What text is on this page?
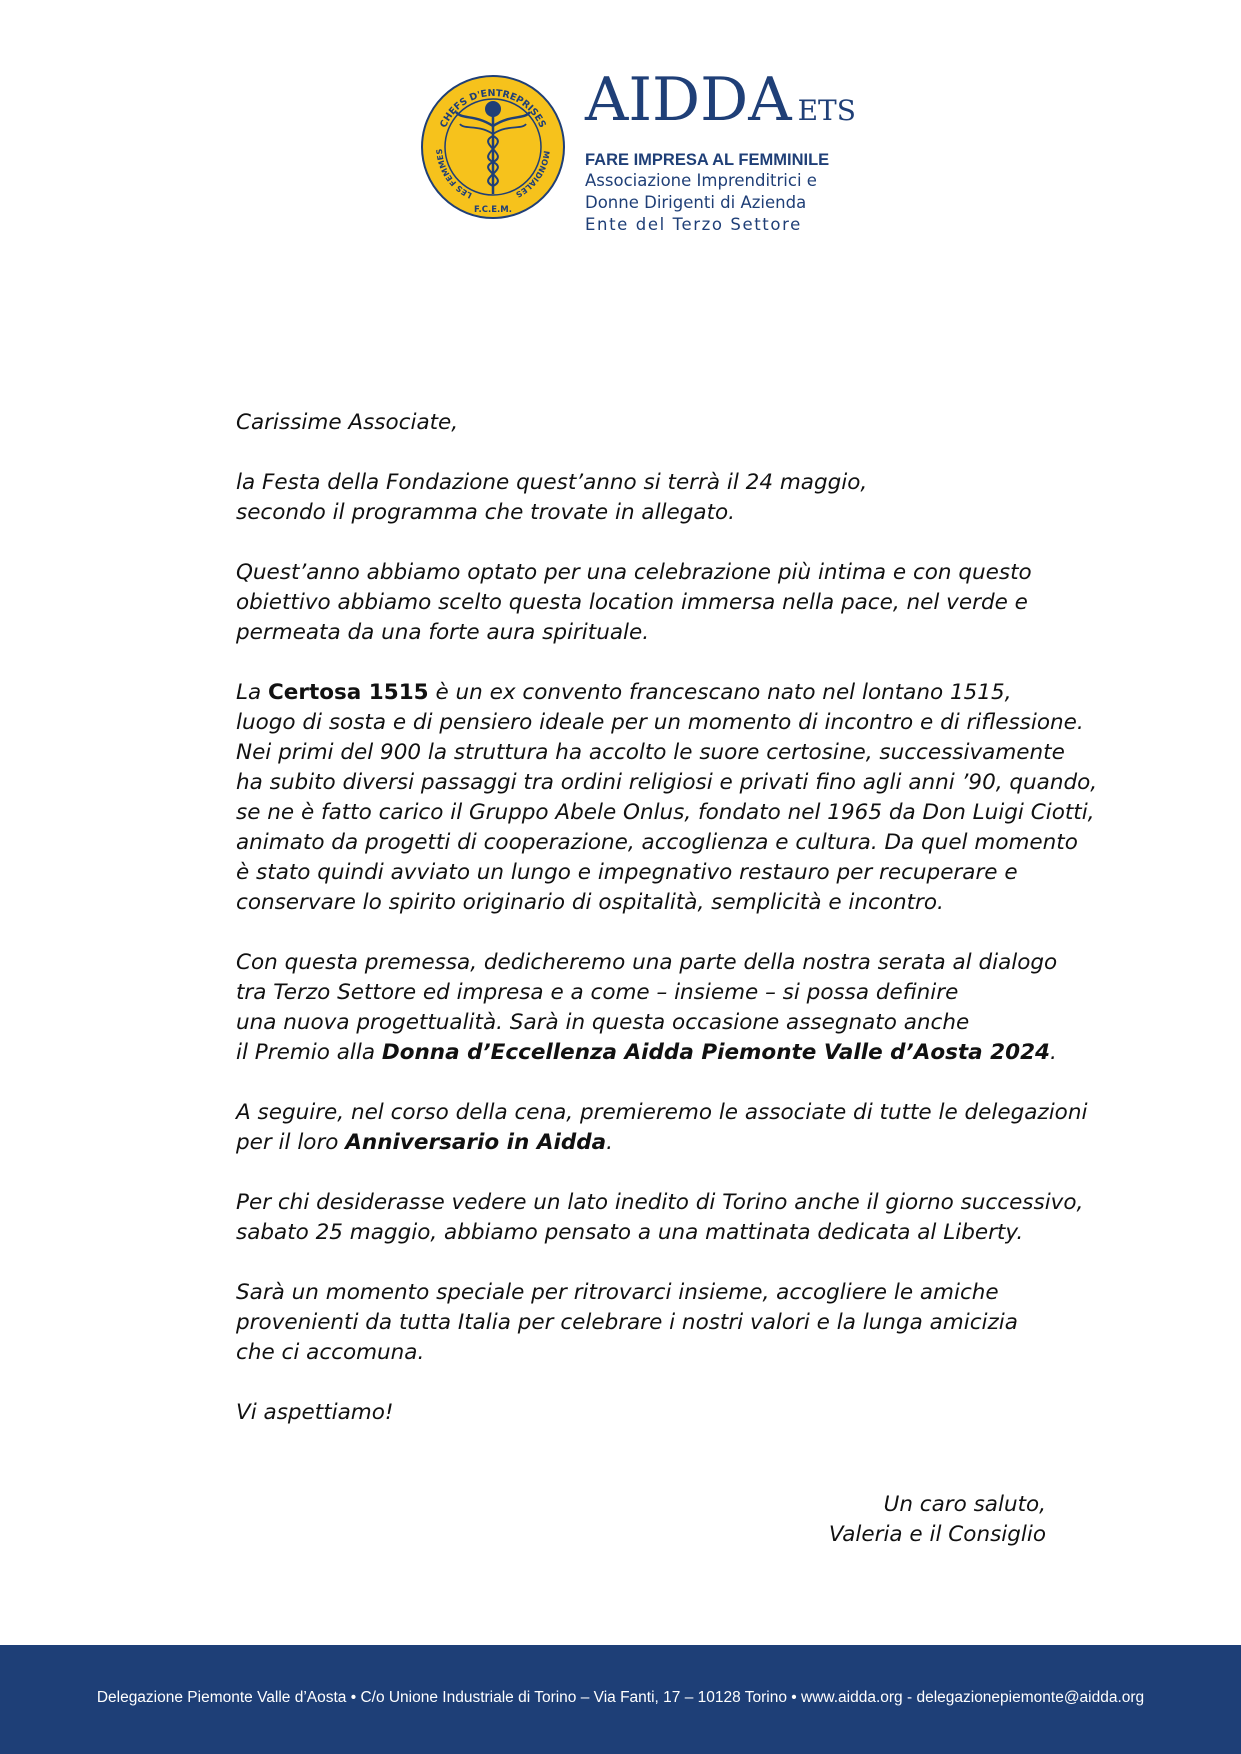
CHEFS D'ENTREPRISES
LES FEMMES	MONDIALES
F.C.E.M.
AIDDA ETS
FARE IMPRESA AL FEMMINILE
Associazione Imprenditrici e
Donne Dirigenti di Azienda
Ente del Terzo Settore

Carissime Associate,

la Festa della Fondazione quest’anno si terrà il 24 maggio,
secondo il programma che trovate in allegato.

Quest’anno abbiamo optato per una celebrazione più intima e con questo
obiettivo abbiamo scelto questa location immersa nella pace, nel verde e
permeata da una forte aura spirituale.

La Certosa 1515 è un ex convento francescano nato nel lontano 1515,
luogo di sosta e di pensiero ideale per un momento di incontro e di riflessione.
Nei primi del 900 la struttura ha accolto le suore certosine, successivamente
ha subito diversi passaggi tra ordini religiosi e privati fino agli anni ’90, quando,
se ne è fatto carico il Gruppo Abele Onlus, fondato nel 1965 da Don Luigi Ciotti,
animato da progetti di cooperazione, accoglienza e cultura. Da quel momento
è stato quindi avviato un lungo e impegnativo restauro per recuperare e
conservare lo spirito originario di ospitalità, semplicità e incontro.

Con questa premessa, dedicheremo una parte della nostra serata al dialogo
tra Terzo Settore ed impresa e a come – insieme – si possa definire
una nuova progettualità. Sarà in questa occasione assegnato anche
il Premio alla Donna d’Eccellenza Aidda Piemonte Valle d’Aosta 2024.

A seguire, nel corso della cena, premieremo le associate di tutte le delegazioni
per il loro Anniversario in Aidda.

Per chi desiderasse vedere un lato inedito di Torino anche il giorno successivo,
sabato 25 maggio, abbiamo pensato a una mattinata dedicata al Liberty.

Sarà un momento speciale per ritrovarci insieme, accogliere le amiche
provenienti da tutta Italia per celebrare i nostri valori e la lunga amicizia
che ci accomuna.

Vi aspettiamo!

Un caro saluto,
Valeria e il Consiglio
Delegazione Piemonte Valle d’Aosta • C/o Unione Industriale di Torino – Via Fanti, 17 – 10128 Torino • www.aidda.org - delegazionepiemonte@aidda.org
